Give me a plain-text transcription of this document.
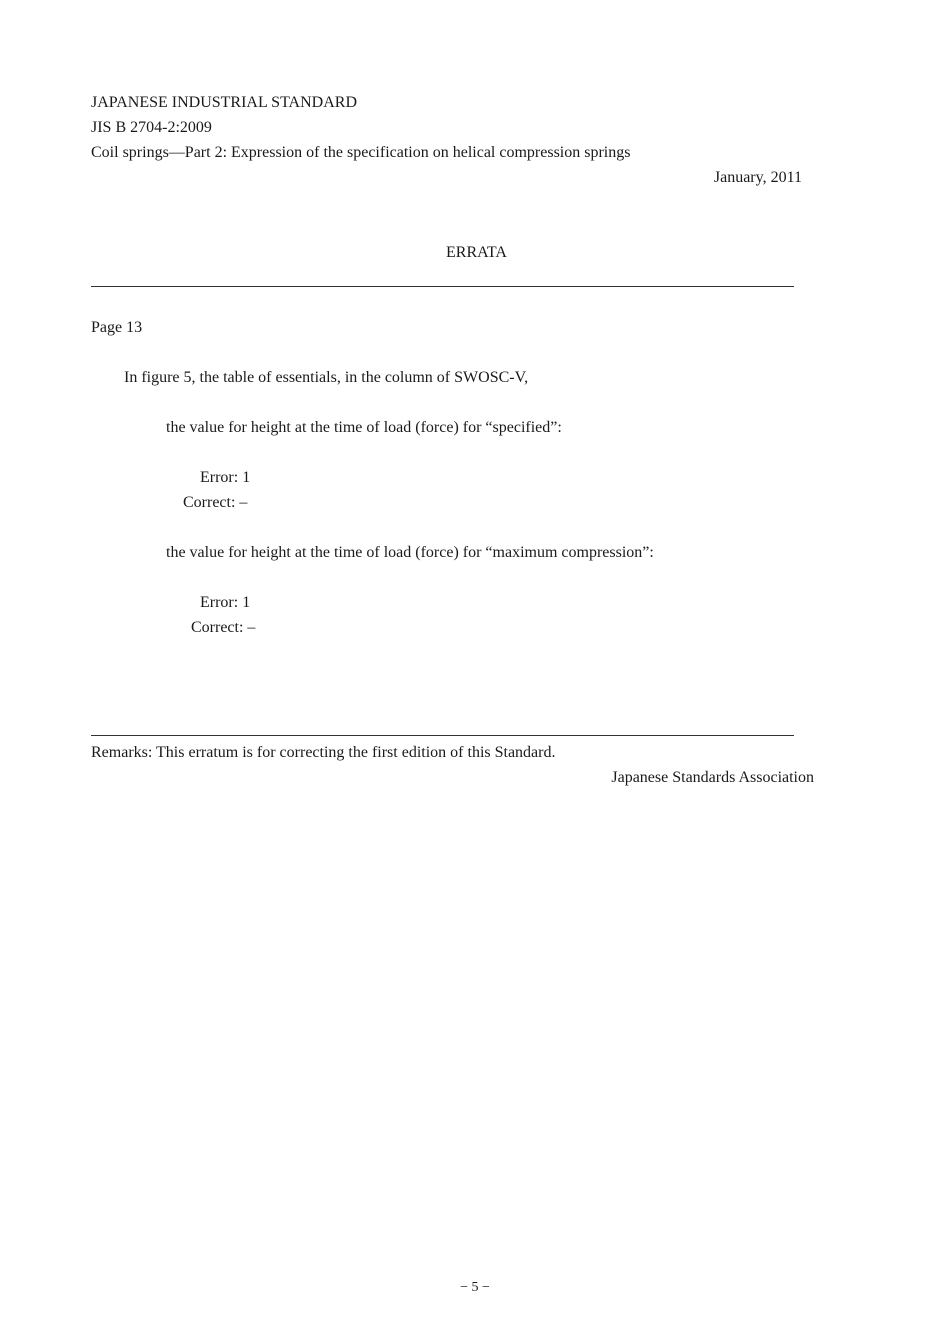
JAPANESE INDUSTRIAL STANDARD
JIS B 2704-2:2009
Coil springs—Part 2: Expression of the specification on helical compression springs
January, 2011
ERRATA
Page 13
In figure 5, the table of essentials, in the column of SWOSC-V,
the value for height at the time of load (force) for “specified”:
Error: 1
Correct: –
the value for height at the time of load (force) for “maximum compression”:
Error: 1
Correct: –
Remarks: This erratum is for correcting the first edition of this Standard.
Japanese Standards Association
− 5 −
